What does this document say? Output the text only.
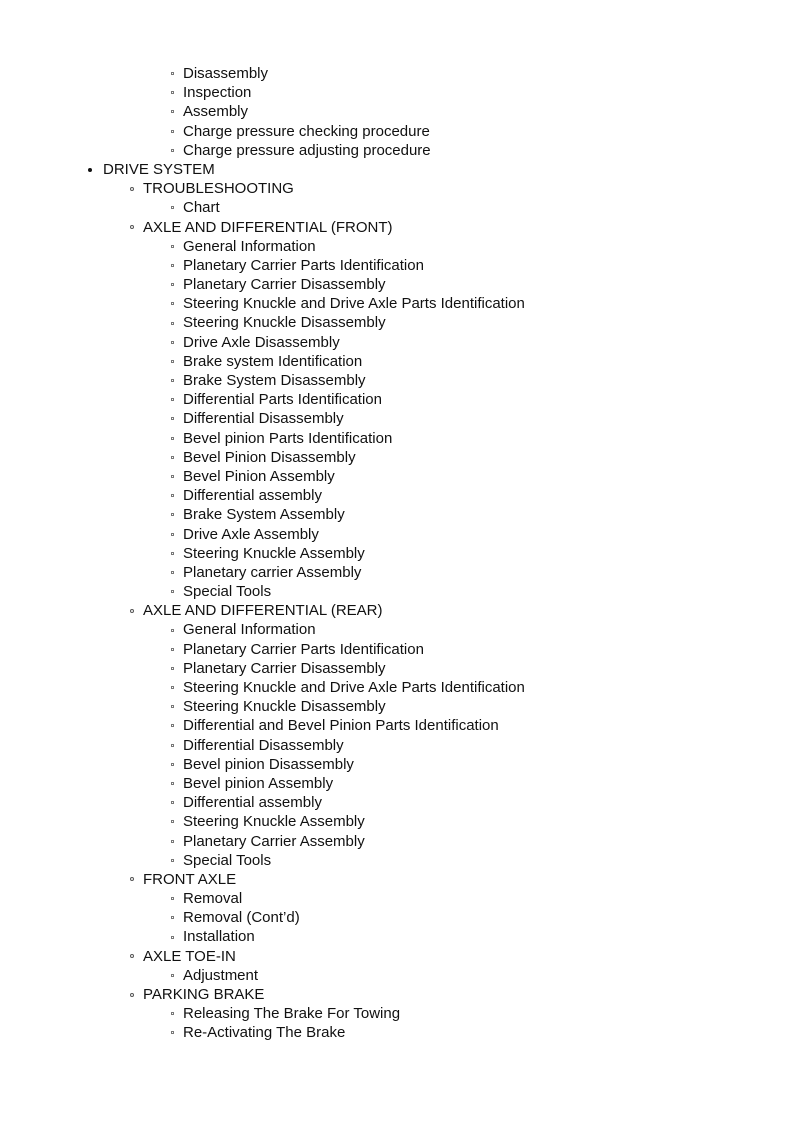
Disassembly
Inspection
Assembly
Charge pressure checking procedure
Charge pressure adjusting procedure
DRIVE SYSTEM
TROUBLESHOOTING
Chart
AXLE AND DIFFERENTIAL (FRONT)
General Information
Planetary Carrier Parts Identification
Planetary Carrier Disassembly
Steering Knuckle and Drive Axle Parts Identification
Steering Knuckle Disassembly
Drive Axle Disassembly
Brake system Identification
Brake System Disassembly
Differential Parts Identification
Differential Disassembly
Bevel pinion Parts Identification
Bevel Pinion Disassembly
Bevel Pinion Assembly
Differential assembly
Brake System Assembly
Drive Axle Assembly
Steering Knuckle Assembly
Planetary carrier Assembly
Special Tools
AXLE AND DIFFERENTIAL (REAR)
General Information
Planetary Carrier Parts Identification
Planetary Carrier Disassembly
Steering Knuckle and Drive Axle Parts Identification
Steering Knuckle Disassembly
Differential and Bevel Pinion Parts Identification
Differential Disassembly
Bevel pinion Disassembly
Bevel pinion Assembly
Differential assembly
Steering Knuckle Assembly
Planetary Carrier Assembly
Special Tools
FRONT AXLE
Removal
Removal (Cont’d)
Installation
AXLE TOE-IN
Adjustment
PARKING BRAKE
Releasing The Brake For Towing
Re-Activating The Brake
